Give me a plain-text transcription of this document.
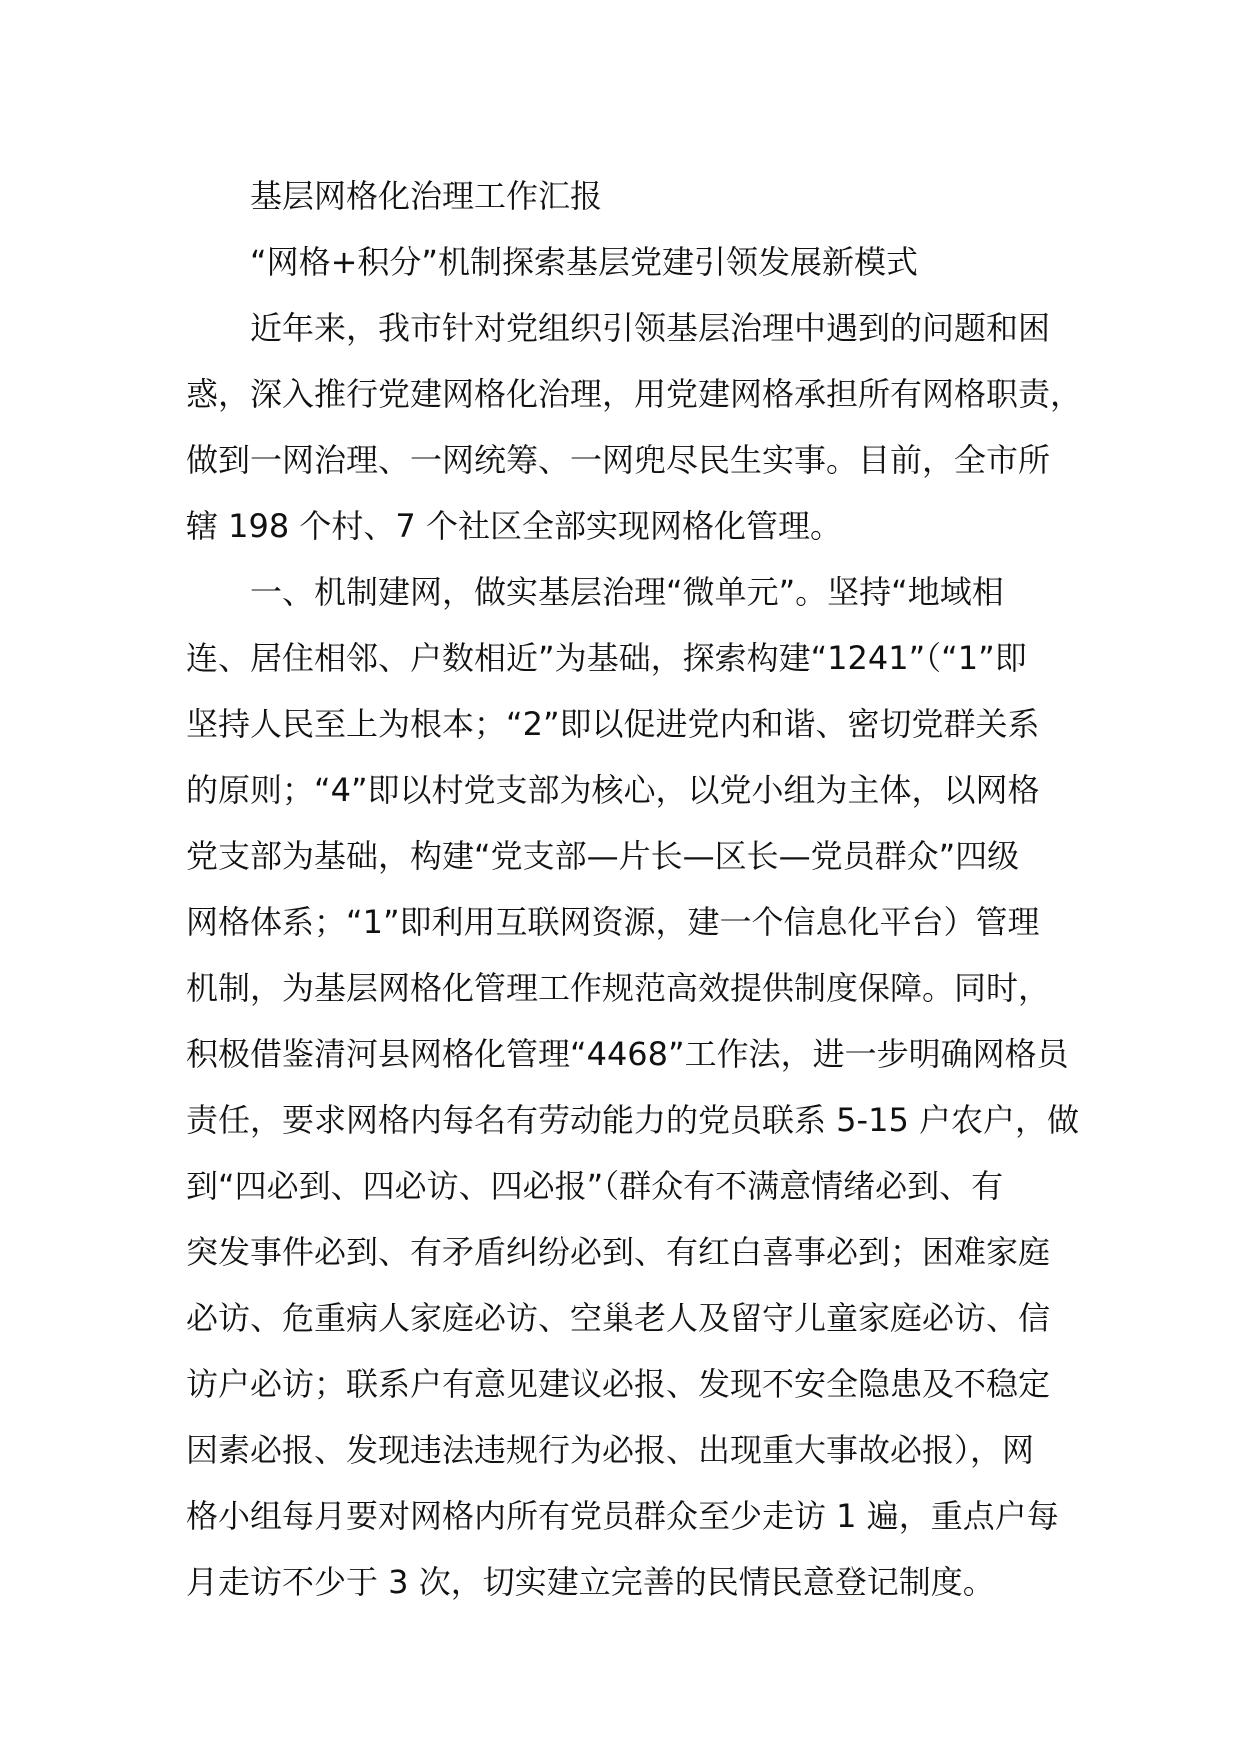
基层网格化治理工作汇报

“网格+积分”机制探索基层党建引领发展新模式

近年来，我市针对党组织引领基层治理中遇到的问题和困

惑，深入推行党建网格化治理，用党建网格承担所有网格职责，

做到一网治理、一网统筹、一网兜尽民生实事。目前，全市所

辖 198 个村、7 个社区全部实现网格化管理。

一、机制建网，做实基层治理“微单元”。坚持“地域相

连、居住相邻、户数相近”为基础，探索构建“1241”（“1”即

坚持人民至上为根本；“2”即以促进党内和谐、密切党群关系

的原则；“4”即以村党支部为核心，以党小组为主体，以网格

党支部为基础，构建“党支部—片长—区长—党员群众”四级

网格体系；“1”即利用互联网资源，建一个信息化平台）管理

机制，为基层网格化管理工作规范高效提供制度保障。同时，

积极借鉴清河县网格化管理“4468”工作法，进一步明确网格员

责任，要求网格内每名有劳动能力的党员联系 5-15 户农户，做

到“四必到、四必访、四必报”（群众有不满意情绪必到、有

突发事件必到、有矛盾纠纷必到、有红白喜事必到；困难家庭

必访、危重病人家庭必访、空巢老人及留守儿童家庭必访、信

访户必访；联系户有意见建议必报、发现不安全隐患及不稳定

因素必报、发现违法违规行为必报、出现重大事故必报），网

格小组每月要对网格内所有党员群众至少走访 1 遍，重点户每

月走访不少于 3 次，切实建立完善的民情民意登记制度。
